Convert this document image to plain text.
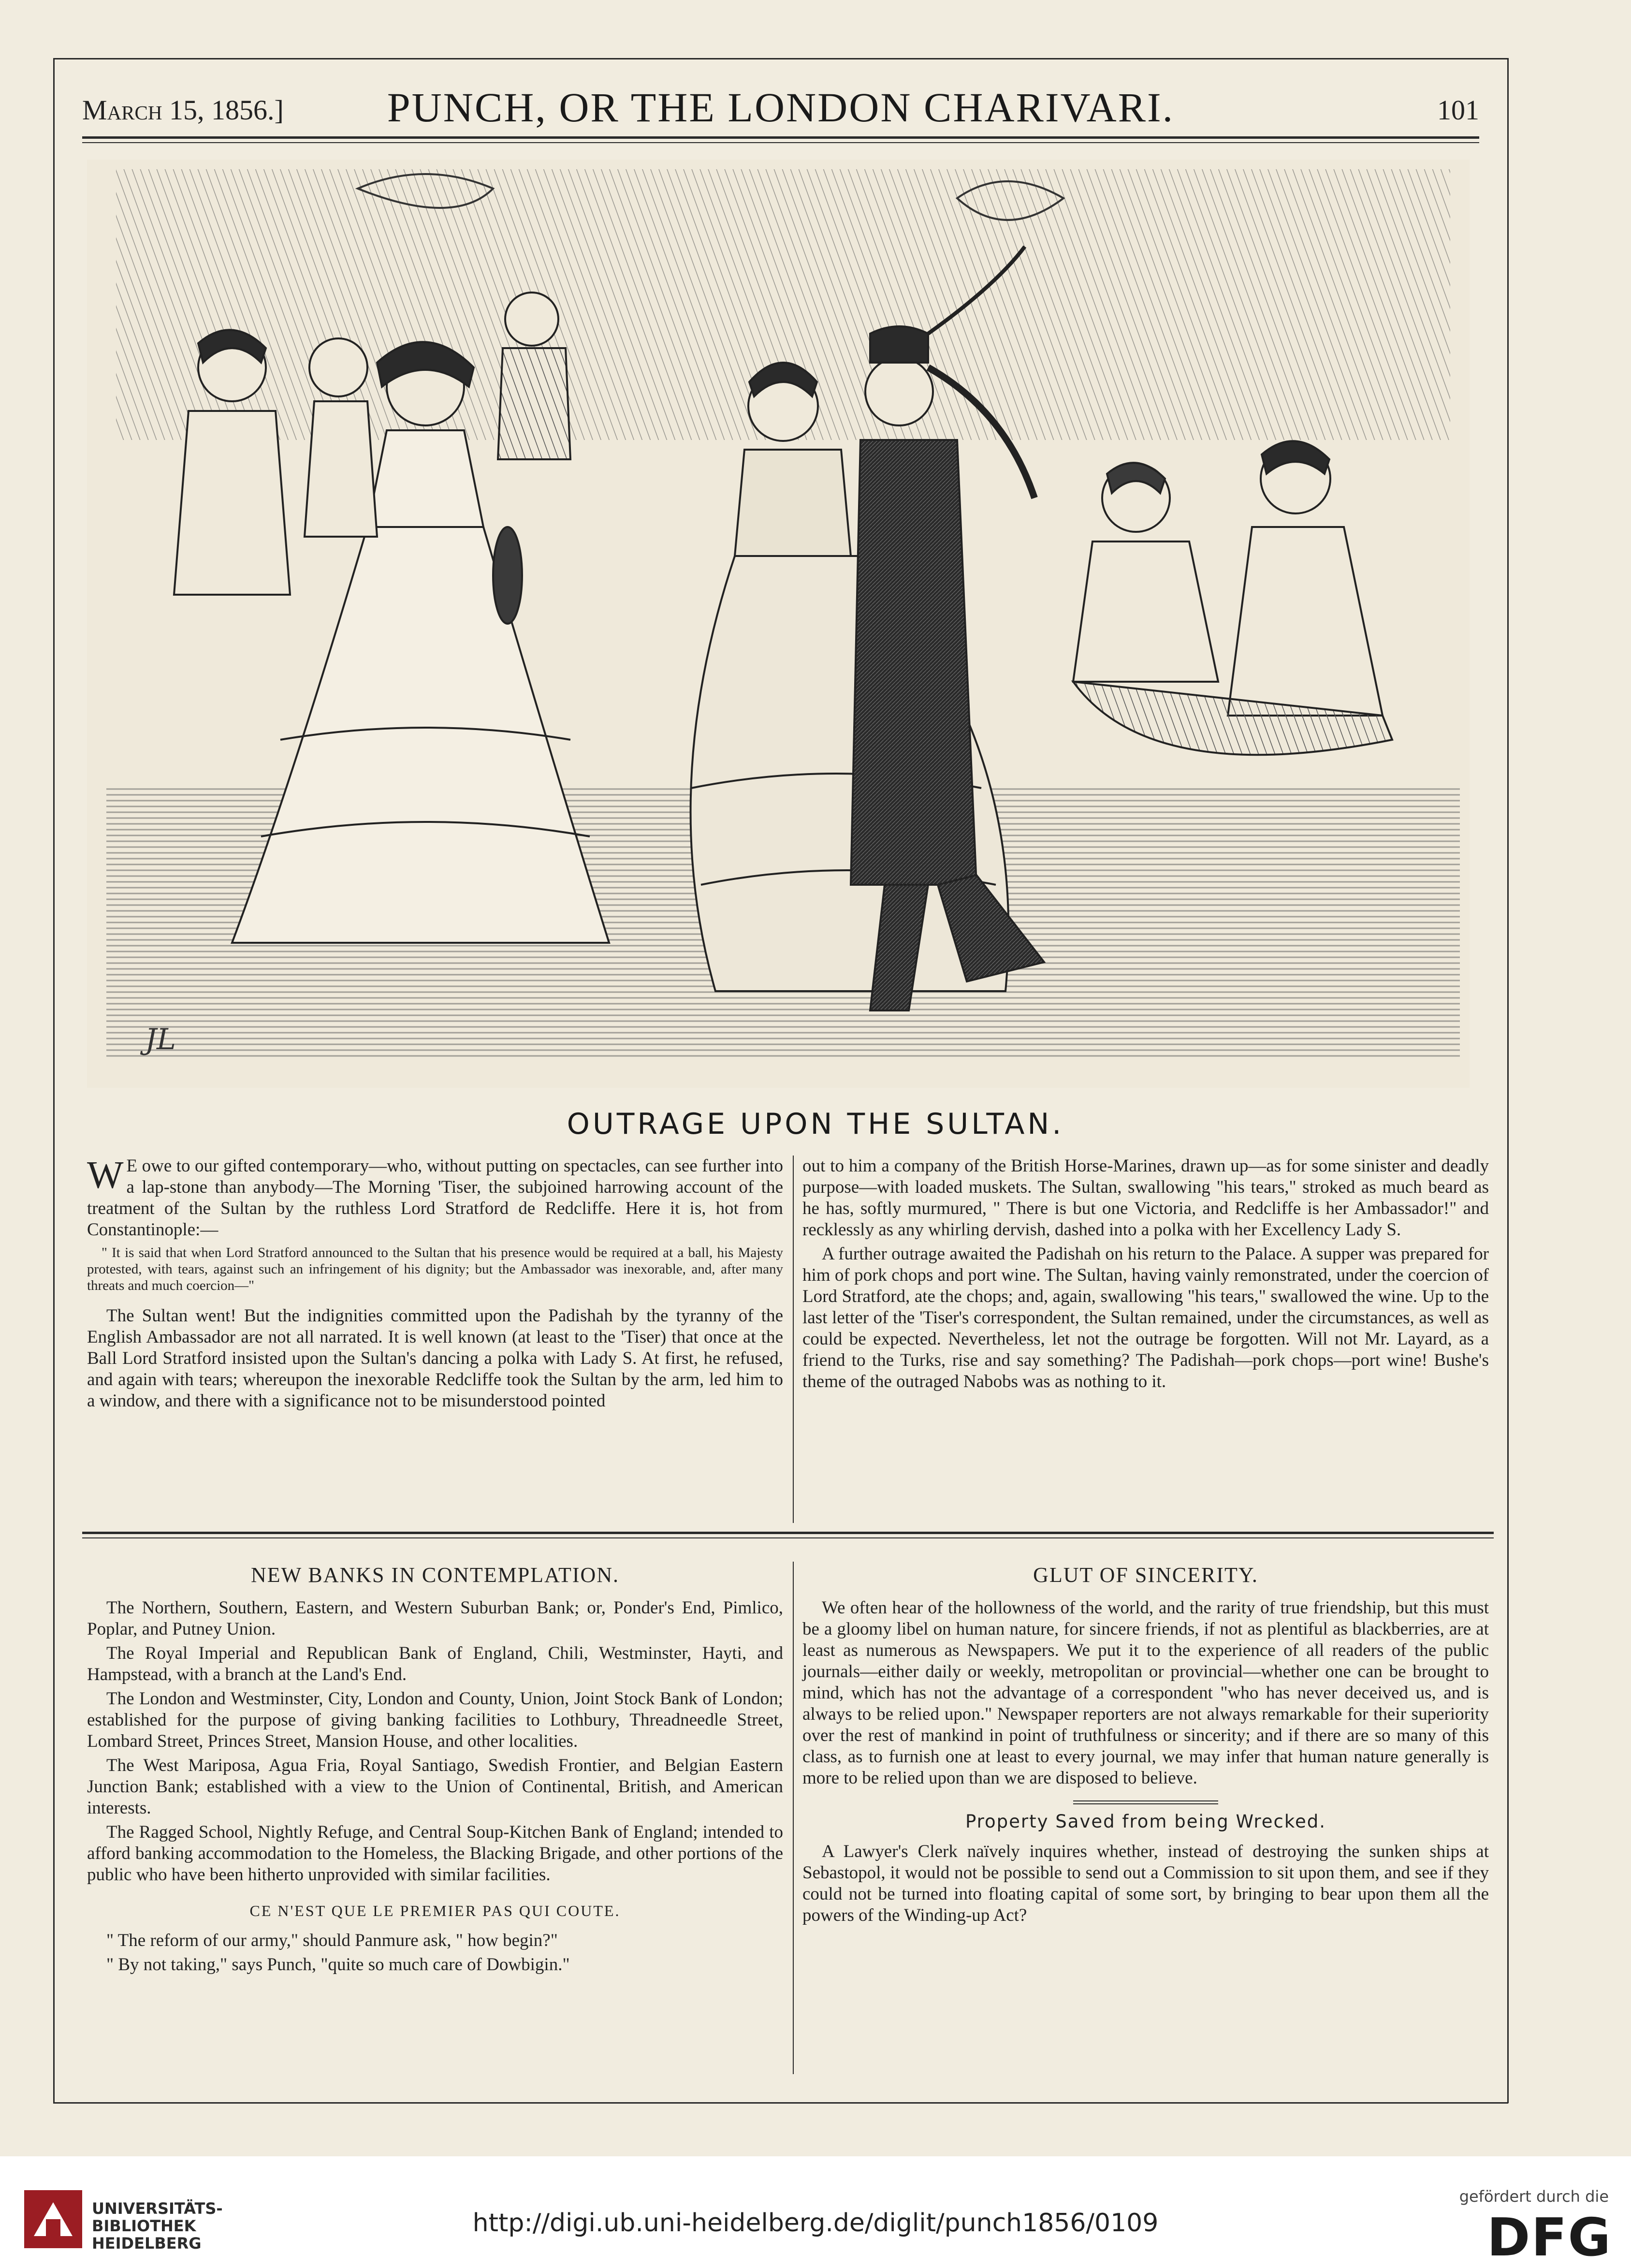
March 15, 1856.]	PUNCH, OR THE LONDON CHARIVARI.	101
JL
OUTRAGE UPON THE SULTAN.

W E owe to our gifted contemporary—who, without putting on spectacles, can see further into a lap-stone than anybody—The Morning 'Tiser, the subjoined harrowing account of the treatment of the Sultan by the ruthless Lord Stratford de Redcliffe. Here it is, hot from Constantinople:—

" It is said that when Lord Stratford announced to the Sultan that his presence would be required at a ball, his Majesty protested, with tears, against such an infringement of his dignity; but the Ambassador was inexorable, and, after many threats and much coercion—"

The Sultan went! But the indignities committed upon the Padishah by the tyranny of the English Ambassador are not all narrated. It is well known (at least to the 'Tiser) that once at the Ball Lord Stratford insisted upon the Sultan's dancing a polka with Lady S. At first, he refused, and again with tears; whereupon the inexorable Redcliffe took the Sultan by the arm, led him to a window, and there with a significance not to be misunderstood pointed

out to him a company of the British Horse-Marines, drawn up—as for some sinister and deadly purpose—with loaded muskets. The Sultan, swallowing "his tears," stroked as much beard as he has, softly murmured, " There is but one Victoria, and Redcliffe is her Ambassador!" and recklessly as any whirling dervish, dashed into a polka with her Excellency Lady S.

A further outrage awaited the Padishah on his return to the Palace. A supper was prepared for him of pork chops and port wine. The Sultan, having vainly remonstrated, under the coercion of Lord Stratford, ate the chops; and, again, swallowing "his tears," swallowed the wine. Up to the last letter of the 'Tiser's correspondent, the Sultan remained, under the circumstances, as well as could be expected. Nevertheless, let not the outrage be forgotten. Will not Mr. Layard, as a friend to the Turks, rise and say something? The Padishah—pork chops—port wine! Bushe's theme of the outraged Nabobs was as nothing to it.

NEW BANKS IN CONTEMPLATION.

The Northern, Southern, Eastern, and Western Suburban Bank; or, Ponder's End, Pimlico, Poplar, and Putney Union.

The Royal Imperial and Republican Bank of England, Chili, Westminster, Hayti, and Hampstead, with a branch at the Land's End.

The London and Westminster, City, London and County, Union, Joint Stock Bank of London; established for the purpose of giving banking facilities to Lothbury, Threadneedle Street, Lombard Street, Princes Street, Mansion House, and other localities.

The West Mariposa, Agua Fria, Royal Santiago, Swedish Frontier, and Belgian Eastern Junction Bank; established with a view to the Union of Continental, British, and American interests.

The Ragged School, Nightly Refuge, and Central Soup-Kitchen Bank of England; intended to afford banking accommodation to the Homeless, the Blacking Brigade, and other portions of the public who have been hitherto unprovided with similar facilities.

CE N'EST QUE LE PREMIER PAS QUI COUTE.

" The reform of our army," should Panmure ask, " how begin?"

" By not taking," says Punch, "quite so much care of Dowbigin."

GLUT OF SINCERITY.

We often hear of the hollowness of the world, and the rarity of true friendship, but this must be a gloomy libel on human nature, for sincere friends, if not as plentiful as blackberries, are at least as numerous as Newspapers. We put it to the experience of all readers of the public journals—either daily or weekly, metropolitan or provincial—whether one can be brought to mind, which has not the advantage of a correspondent "who has never deceived us, and is always to be relied upon." Newspaper reporters are not always remarkable for their superiority over the rest of mankind in point of truthfulness or sincerity; and if there are so many of this class, as to furnish one at least to every journal, we may infer that human nature generally is more to be relied upon than we are disposed to believe.

Property Saved from being Wrecked.

A Lawyer's Clerk naïvely inquires whether, instead of destroying the sunken ships at Sebastopol, it would not be possible to send out a Commission to sit upon them, and see if they could not be turned into floating capital of some sort, by bringing to bear upon them all the powers of the Winding-up Act?

UNIVERSITÄTS-
BIBLIOTHEK
HEIDELBERG
http://digi.ub.uni-heidelberg.de/diglit/punch1856/0109
gefördert durch die
DFG
